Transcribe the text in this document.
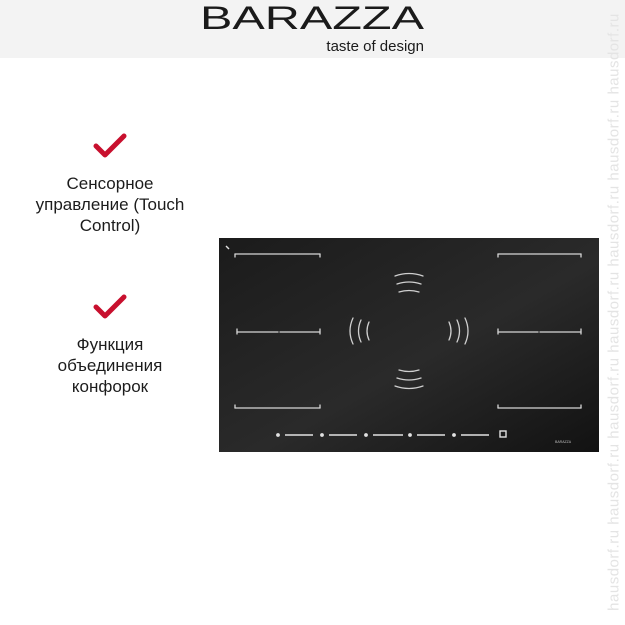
BARAZZA
taste of design
Сенсорное
управление (Touch
Control)
Функция
объединения
конфорок
BARAZZA hausdorf.ru hausdorf.ru hausdorf.ru hausdorf.ru hausdorf.ru hausdorf.ru hausdorf.ru
